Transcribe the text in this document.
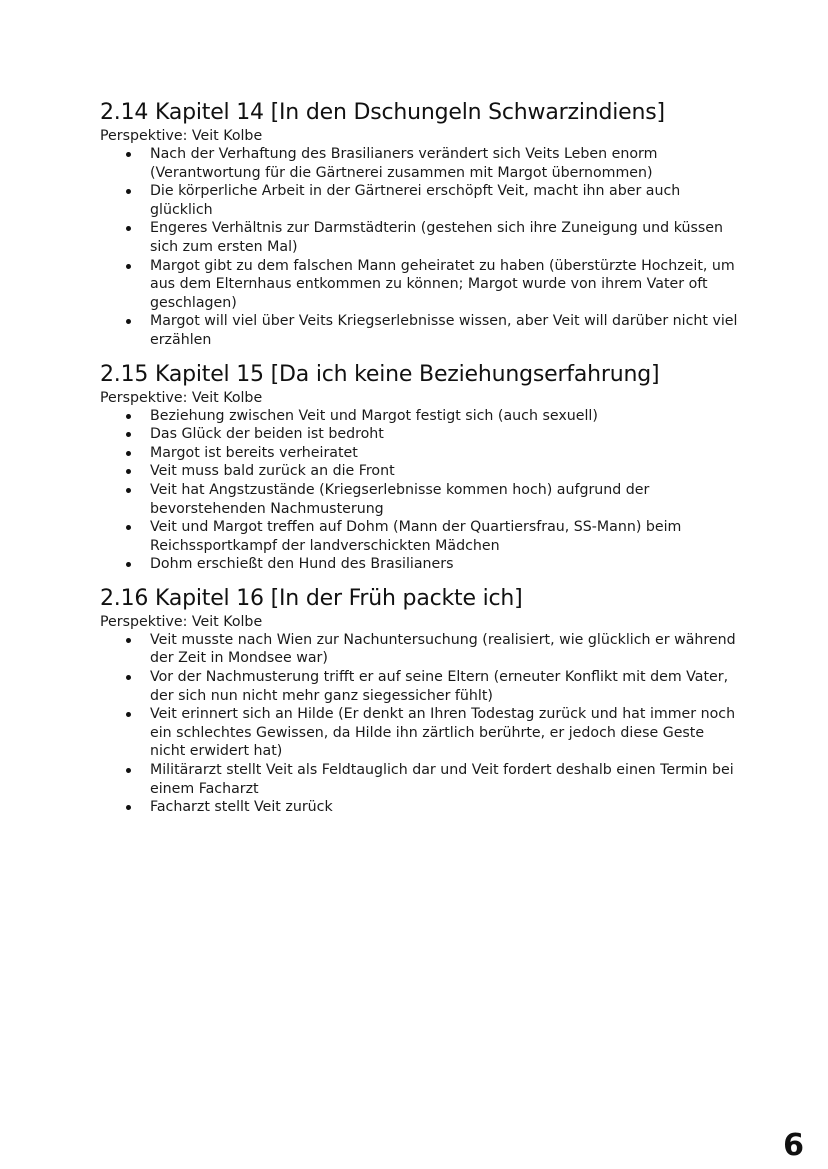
2.14 Kapitel 14 [In den Dschungeln Schwarzindiens]

Perspektive: Veit Kolbe

Nach der Verhaftung des Brasilianers verändert sich Veits Leben enorm (Verantwortung für die Gärtnerei zusammen mit Margot übernommen)
Die körperliche Arbeit in der Gärtnerei erschöpft Veit, macht ihn aber auch glücklich
Engeres Verhältnis zur Darmstädterin (gestehen sich ihre Zuneigung und küssen sich zum ersten Mal)
Margot gibt zu dem falschen Mann geheiratet zu haben (überstürzte Hochzeit, um aus dem Elternhaus entkommen zu können; Margot wurde von ihrem Vater oft geschlagen)
Margot will viel über Veits Kriegserlebnisse wissen, aber Veit will darüber nicht viel erzählen
2.15 Kapitel 15 [Da ich keine Beziehungserfahrung]

Perspektive: Veit Kolbe

Beziehung zwischen Veit und Margot festigt sich (auch sexuell)
Das Glück der beiden ist bedroht
Margot ist bereits verheiratet
Veit muss bald zurück an die Front
Veit hat Angstzustände (Kriegserlebnisse kommen hoch) aufgrund der bevorstehenden Nachmusterung
Veit und Margot treffen auf Dohm (Mann der Quartiersfrau, SS-Mann) beim Reichssportkampf der landverschickten Mädchen
Dohm erschießt den Hund des Brasilianers
2.16 Kapitel 16 [In der Früh packte ich]

Perspektive: Veit Kolbe

Veit musste nach Wien zur Nachuntersuchung (realisiert, wie glücklich er während der Zeit in Mondsee war)
Vor der Nachmusterung trifft er auf seine Eltern (erneuter Konflikt mit dem Vater, der sich nun nicht mehr ganz siegessicher fühlt)
Veit erinnert sich an Hilde (Er denkt an Ihren Todestag zurück und hat immer noch ein schlechtes Gewissen, da Hilde ihn zärtlich berührte, er jedoch diese Geste nicht erwidert hat)
Militärarzt stellt Veit als Feldtauglich dar und Veit fordert deshalb einen Termin bei einem Facharzt
Facharzt stellt Veit zurück
6
